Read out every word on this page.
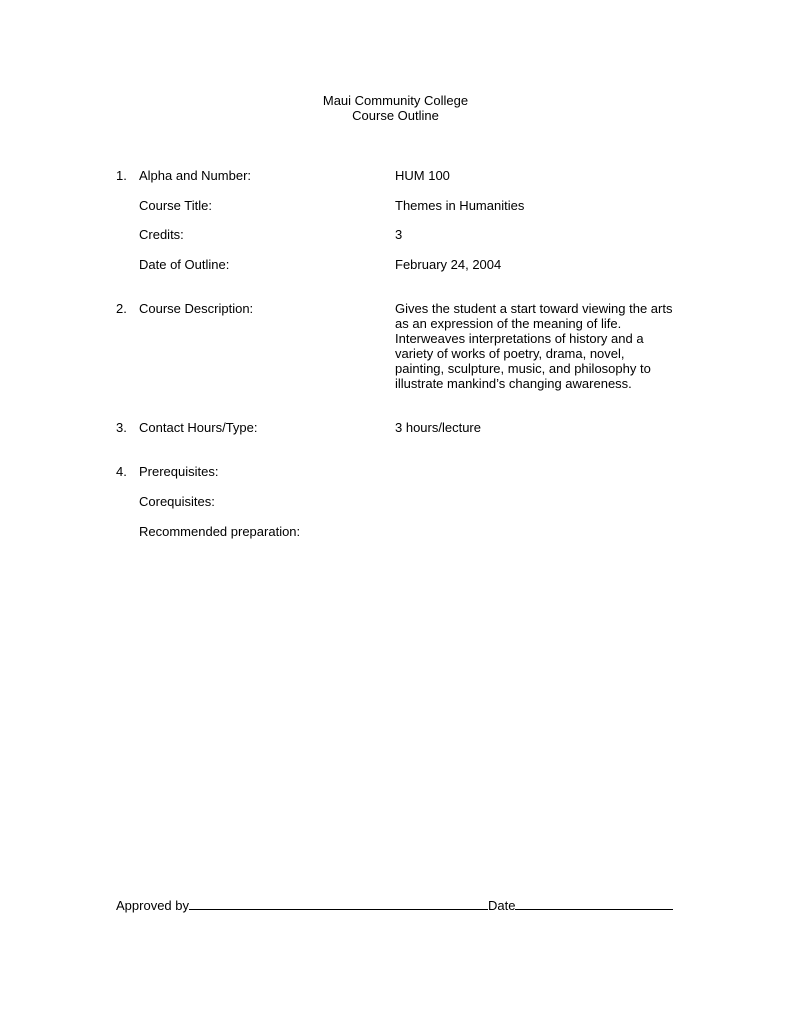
Maui Community College
Course Outline
1. Alpha and Number:	HUM 100
Course Title:	Themes in Humanities
Credits:	3
Date of Outline:	February 24, 2004
2. Course Description:	Gives the student a start toward viewing the arts
as an expression of the meaning of life.
Interweaves interpretations of history and a
variety of works of poetry, drama, novel,
painting, sculpture, music, and philosophy to
illustrate mankind’s changing awareness.
3. Contact Hours/Type:	3 hours/lecture
4. Prerequisites:
Corequisites:
Recommended preparation:
Approved by	Date
